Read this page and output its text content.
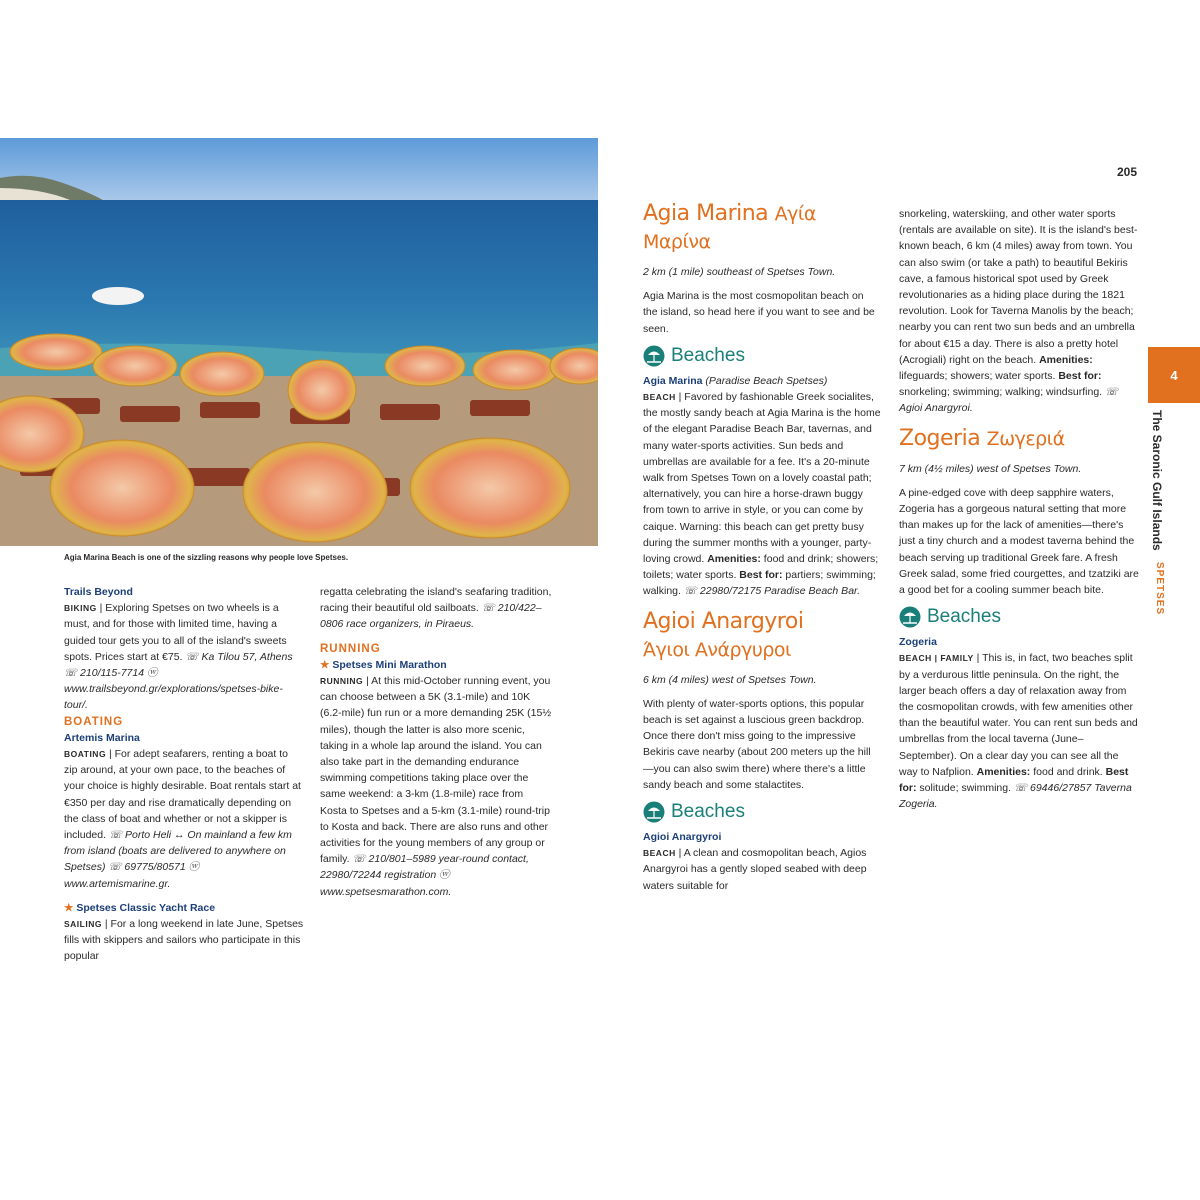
Agia Marina Beach is one of the sizzling reasons why people love Spetses.

Trails Beyond

BIKING | Exploring Spetses on two wheels is a must, and for those with limited time, having a guided tour gets you to all of the island's sweets spots. Prices start at €75. ☏ Ka Tilou 57, Athens ☏ 210/115-7714 ⓦ www.trailsbeyond.gr/explorations/spetses-bike-tour/.

BOATING

Artemis Marina

BOATING | For adept seafarers, renting a boat to zip around, at your own pace, to the beaches of your choice is highly desirable. Boat rentals start at €350 per day and rise dramatically depending on the class of boat and whether or not a skipper is included. ☏ Porto Heli ↔ On mainland a few km from island (boats are delivered to anywhere on Spetses) ☏ 69775/80571 ⓦ www.artemismarine.gr.

★ Spetses Classic Yacht Race

SAILING | For a long weekend in late June, Spetses fills with skippers and sailors who participate in this popular

regatta celebrating the island's seafaring tradition, racing their beautiful old sailboats. ☏ 210/422–0806 race organizers, in Piraeus.

RUNNING

★ Spetses Mini Marathon

RUNNING | At this mid-October running event, you can choose between a 5K (3.1-mile) and 10K (6.2-mile) fun run or a more demanding 25K (15½ miles), though the latter is also more scenic, taking in a whole lap around the island. You can also take part in the demanding endurance swimming competitions taking place over the same weekend: a 3-km (1.8-mile) race from Kosta to Spetses and a 5-km (3.1-mile) round-trip to Kosta and back. There are also runs and other activities for the young members of any group or family. ☏ 210/801–5989 year-round contact, 22980/72244 registration ⓦ www.spetsesmarathon.com.

Agia Marina Αγία Μαρίνα

2 km (1 mile) southeast of Spetses Town.

Agia Marina is the most cosmopolitan beach on the island, so head here if you want to see and be seen.

Beaches

Agia Marina (Paradise Beach Spetses)
BEACH | Favored by fashionable Greek socialites, the mostly sandy beach at Agia Marina is the home of the elegant Paradise Beach Bar, tavernas, and many water-sports activities. Sun beds and umbrellas are available for a fee. It's a 20-minute walk from Spetses Town on a lovely coastal path; alternatively, you can hire a horse-drawn buggy from town to arrive in style, or you can come by caique. Warning: this beach can get pretty busy during the summer months with a younger, party-loving crowd. Amenities: food and drink; showers; toilets; water sports. Best for: partiers; swimming; walking. ☏ 22980/72175 Paradise Beach Bar.

Agioi Anargyroi

Άγιοι Ανάργυροι

6 km (4 miles) west of Spetses Town.

With plenty of water-sports options, this popular beach is set against a luscious green backdrop. Once there don't miss going to the impressive Bekiris cave nearby (about 200 meters up the hill—you can also swim there) where there's a little sandy beach and some stalactites.

Beaches

Agioi Anargyroi
BEACH | A clean and cosmopolitan beach, Agios Anargyroi has a gently sloped seabed with deep waters suitable for

snorkeling, waterskiing, and other water sports (rentals are available on site). It is the island's best-known beach, 6 km (4 miles) away from town. You can also swim (or take a path) to beautiful Bekiris cave, a famous historical spot used by Greek revolutionaries as a hiding place during the 1821 revolution. Look for Taverna Manolis by the beach; nearby you can rent two sun beds and an umbrella for about €15 a day. There is also a pretty hotel (Acrogiali) right on the beach. Amenities: lifeguards; showers; water sports. Best for: snorkeling; swimming; walking; windsurfing. ☏ Agioi Anargyroi.

Zogeria Ζωγεριά

7 km (4½ miles) west of Spetses Town.

A pine-edged cove with deep sapphire waters, Zogeria has a gorgeous natural setting that more than makes up for the lack of amenities—there's just a tiny church and a modest taverna behind the beach serving up traditional Greek fare. A fresh Greek salad, some fried courgettes, and tzatziki are a good bet for a cooling summer beach bite.

Beaches

Zogeria
BEACH | FAMILY | This is, in fact, two beaches split by a verdurous little peninsula. On the right, the larger beach offers a day of relaxation away from the cosmopolitan crowds, with few amenities other than the beautiful water. You can rent sun beds and umbrellas from the local taverna (June–September). On a clear day you can see all the way to Nafplion. Amenities: food and drink. Best for: solitude; swimming. ☏ 69446/27857 Taverna Zogeria.

205
4
The Saronic Gulf Islands
SPETSES
